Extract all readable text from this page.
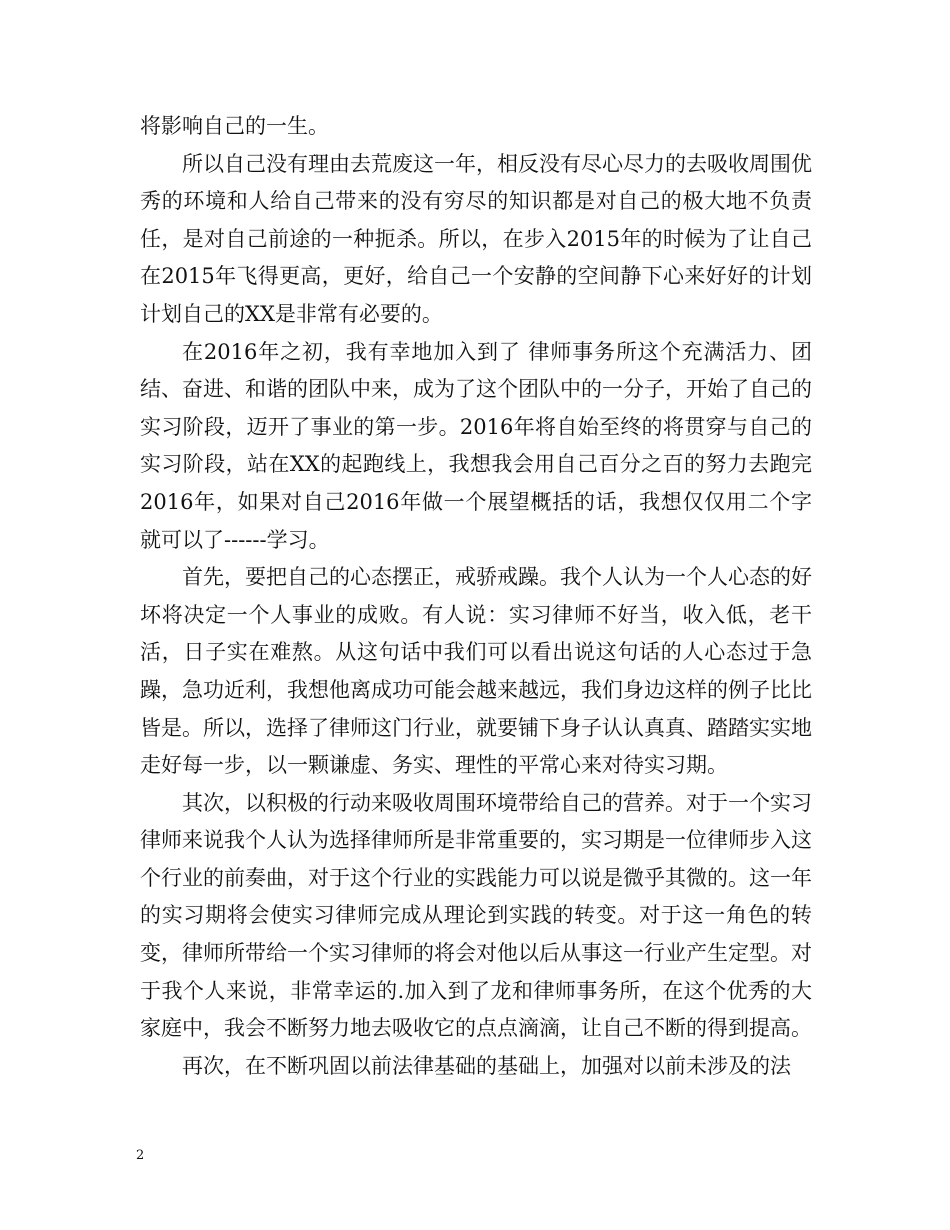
将影响自己的一生。

所以自己没有理由去荒废这一年，相反没有尽心尽力的去吸收周围优秀的环境和人给自己带来的没有穷尽的知识都是对自己的极大地不负责任，是对自己前途的一种扼杀。所以，在步入2015年的时候为了让自己在2015年飞得更高，更好，给自己一个安静的空间静下心来好好的计划计划自己的XX是非常有必要的。

在2016年之初，我有幸地加入到了 律师事务所这个充满活力、团结、奋进、和谐的团队中来，成为了这个团队中的一分子，开始了自己的实习阶段，迈开了事业的第一步。2016年将自始至终的将贯穿与自己的实习阶段，站在XX的起跑线上，我想我会用自己百分之百的努力去跑完2016年，如果对自己2016年做一个展望概括的话，我想仅仅用二个字就可以了------学习。

首先，要把自己的心态摆正，戒骄戒躁。我个人认为一个人心态的好坏将决定一个人事业的成败。有人说：实习律师不好当，收入低，老干活，日子实在难熬。从这句话中我们可以看出说这句话的人心态过于急躁，急功近利，我想他离成功可能会越来越远，我们身边这样的例子比比皆是。所以，选择了律师这门行业，就要铺下身子认认真真、踏踏实实地走好每一步，以一颗谦虚、务实、理性的平常心来对待实习期。

其次，以积极的行动来吸收周围环境带给自己的营养。对于一个实习律师来说我个人认为选择律师所是非常重要的，实习期是一位律师步入这个行业的前奏曲，对于这个行业的实践能力可以说是微乎其微的。这一年的实习期将会使实习律师完成从理论到实践的转变。对于这一角色的转变，律师所带给一个实习律师的将会对他以后从事这一行业产生定型。对于我个人来说，非常幸运的.加入到了龙和律师事务所，在这个优秀的大家庭中，我会不断努力地去吸收它的点点滴滴，让自己不断的得到提高。

再次，在不断巩固以前法律基础的基础上，加强对以前未涉及的法

2
